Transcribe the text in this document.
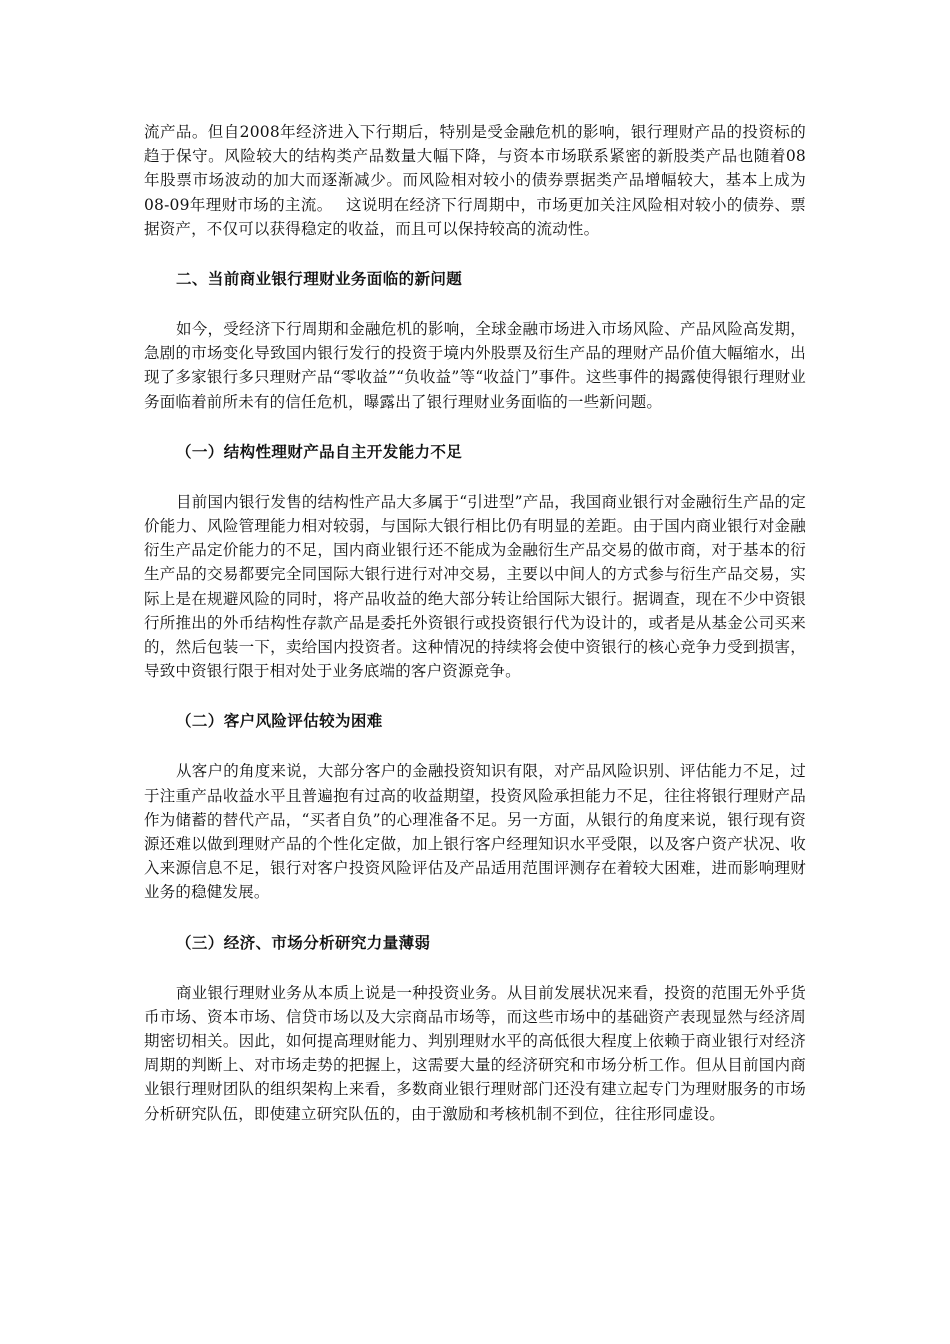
流产品。但自2008年经济进入下行期后，特别是受金融危机的影响，银行理财产品的投资标的趋于保守。风险较大的结构类产品数量大幅下降，与资本市场联系紧密的新股类产品也随着08年股票市场波动的加大而逐渐减少。而风险相对较小的债券票据类产品增幅较大，基本上成为08-09年理财市场的主流。　 这说明在经济下行周期中，市场更加关注风险相对较小的债券、票据资产，不仅可以获得稳定的收益，而且可以保持较高的流动性。

二、当前商业银行理财业务面临的新问题

如今，受经济下行周期和金融危机的影响，全球金融市场进入市场风险、产品风险高发期，急剧的市场变化导致国内银行发行的投资于境内外股票及衍生产品的理财产品价值大幅缩水，出现了多家银行多只理财产品“零收益”“负收益”等“收益门”事件。这些事件的揭露使得银行理财业务面临着前所未有的信任危机，曝露出了银行理财业务面临的一些新问题。

（一）结构性理财产品自主开发能力不足

目前国内银行发售的结构性产品大多属于“引进型”产品，我国商业银行对金融衍生产品的定价能力、风险管理能力相对较弱，与国际大银行相比仍有明显的差距。由于国内商业银行对金融衍生产品定价能力的不足，国内商业银行还不能成为金融衍生产品交易的做市商，对于基本的衍生产品的交易都要完全同国际大银行进行对冲交易，主要以中间人的方式参与衍生产品交易，实际上是在规避风险的同时，将产品收益的绝大部分转让给国际大银行。据调查，现在不少中资银行所推出的外币结构性存款产品是委托外资银行或投资银行代为设计的，或者是从基金公司买来的，然后包装一下，卖给国内投资者。这种情况的持续将会使中资银行的核心竞争力受到损害，导致中资银行限于相对处于业务底端的客户资源竞争。

（二）客户风险评估较为困难

从客户的角度来说，大部分客户的金融投资知识有限，对产品风险识别、评估能力不足，过于注重产品收益水平且普遍抱有过高的收益期望，投资风险承担能力不足，往往将银行理财产品作为储蓄的替代产品，“买者自负”的心理准备不足。另一方面，从银行的角度来说，银行现有资源还难以做到理财产品的个性化定做，加上银行客户经理知识水平受限，以及客户资产状况、收入来源信息不足，银行对客户投资风险评估及产品适用范围评测存在着较大困难，进而影响理财业务的稳健发展。

（三）经济、市场分析研究力量薄弱

商业银行理财业务从本质上说是一种投资业务。从目前发展状况来看，投资的范围无外乎货币市场、资本市场、信贷市场以及大宗商品市场等，而这些市场中的基础资产表现显然与经济周期密切相关。因此，如何提高理财能力、判别理财水平的高低很大程度上依赖于商业银行对经济周期的判断上、对市场走势的把握上，这需要大量的经济研究和市场分析工作。但从目前国内商业银行理财团队的组织架构上来看，多数商业银行理财部门还没有建立起专门为理财服务的市场分析研究队伍，即使建立研究队伍的，由于激励和考核机制不到位，往往形同虚设。
